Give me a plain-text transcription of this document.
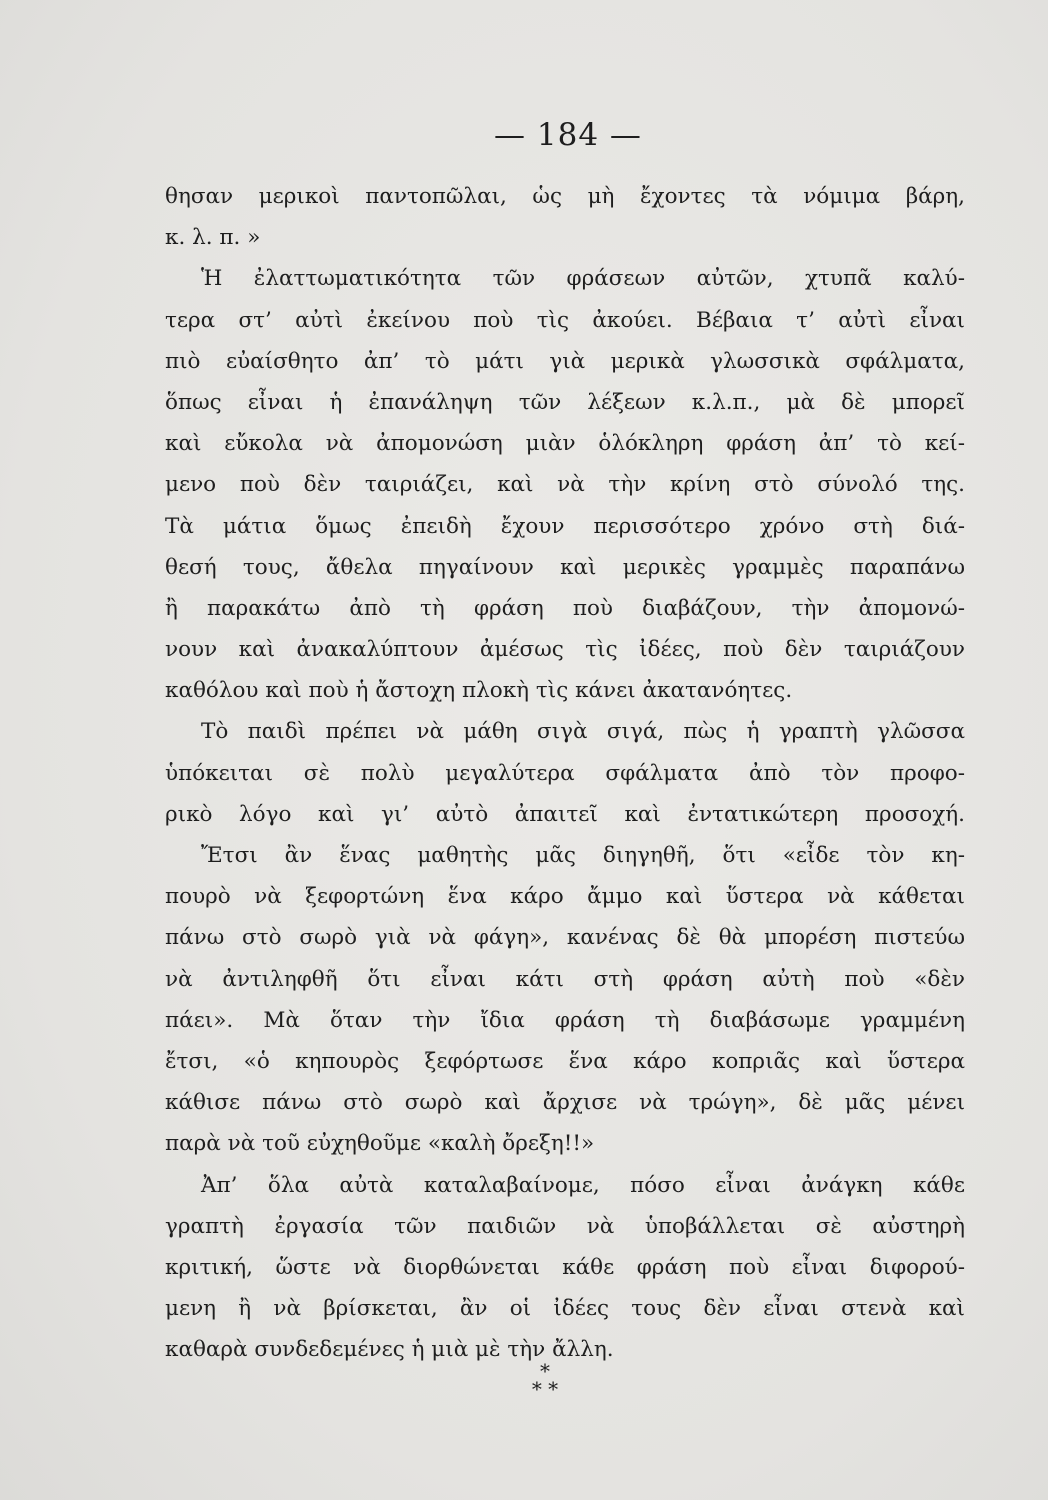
— 184 —
θησαν μερικοὶ παντοπῶλαι, ὡς μὴ ἔχοντες τὰ νόμιμα βάρη,
κ. λ. π. »
Ἡ ἐλαττωματικότητα τῶν φράσεων αὐτῶν, χτυπᾶ καλύ-
τερα στ’ αὐτὶ ἐκείνου ποὺ τὶς ἀκούει. Βέβαια τ’ αὐτὶ εἶναι
πιὸ εὐαίσθητο ἀπ’ τὸ μάτι γιὰ μερικὰ γλωσσικὰ σφάλματα,
ὅπως εἶναι ἡ ἐπανάληψη τῶν λέξεων κ.λ.π., μὰ δὲ μπορεῖ
καὶ εὔκολα νὰ ἀπομονώση μιὰν ὁλόκληρη φράση ἀπ’ τὸ κεί-
μενο ποὺ δὲν ταιριάζει, καὶ νὰ τὴν κρίνη στὸ σύνολό της.
Τὰ μάτια ὅμως ἐπειδὴ ἔχουν περισσότερο χρόνο στὴ διά-
θεσή τους, ἄθελα πηγαίνουν καὶ μερικὲς γραμμὲς παραπάνω
ἢ παρακάτω ἀπὸ τὴ φράση ποὺ διαβάζουν, τὴν ἀπομονώ-
νουν καὶ ἀνακαλύπτουν ἀμέσως τὶς ἰδέες, ποὺ δὲν ταιριάζουν
καθόλου καὶ ποὺ ἡ ἄστοχη πλοκὴ τὶς κάνει ἀκατανόητες.
Τὸ παιδὶ πρέπει νὰ μάθη σιγὰ σιγά, πὼς ἡ γραπτὴ γλῶσσα
ὑπόκειται σὲ πολὺ μεγαλύτερα σφάλματα ἀπὸ τὸν προφο-
ρικὸ λόγο καὶ γι’ αὐτὸ ἀπαιτεῖ καὶ ἐντατικώτερη προσοχή.
Ἔτσι ἂν ἕνας μαθητὴς μᾶς διηγηθῆ, ὅτι «εἶδε τὸν κη-
πουρὸ νὰ ξεφορτώνη ἕνα κάρο ἄμμο καὶ ὕστερα νὰ κάθεται
πάνω στὸ σωρὸ γιὰ νὰ φάγη», κανένας δὲ θὰ μπορέση πιστεύω
νὰ ἀντιληφθῆ ὅτι εἶναι κάτι στὴ φράση αὐτὴ ποὺ «δὲν
πάει». Μὰ ὅταν τὴν ἴδια φράση τὴ διαβάσωμε γραμμένη
ἔτσι, «ὁ κηπουρὸς ξεφόρτωσε ἕνα κάρο κοπριᾶς καὶ ὕστερα
κάθισε πάνω στὸ σωρὸ καὶ ἄρχισε νὰ τρώγη», δὲ μᾶς μένει
παρὰ νὰ τοῦ εὐχηθοῦμε «καλὴ ὄρεξη!!»
Ἀπ’ ὅλα αὐτὰ καταλαβαίνομε, πόσο εἶναι ἀνάγκη κάθε
γραπτὴ ἐργασία τῶν παιδιῶν νὰ ὑποβάλλεται σὲ αὐστηρὴ
κριτική, ὥστε νὰ διορθώνεται κάθε φράση ποὺ εἶναι διφορού-
μενη ἢ νὰ βρίσκεται, ἂν οἱ ἰδέες τους δὲν εἶναι στενὰ καὶ
καθαρὰ συνδεδεμένες ἡ μιὰ μὲ τὴν ἄλλη.
*
* *
